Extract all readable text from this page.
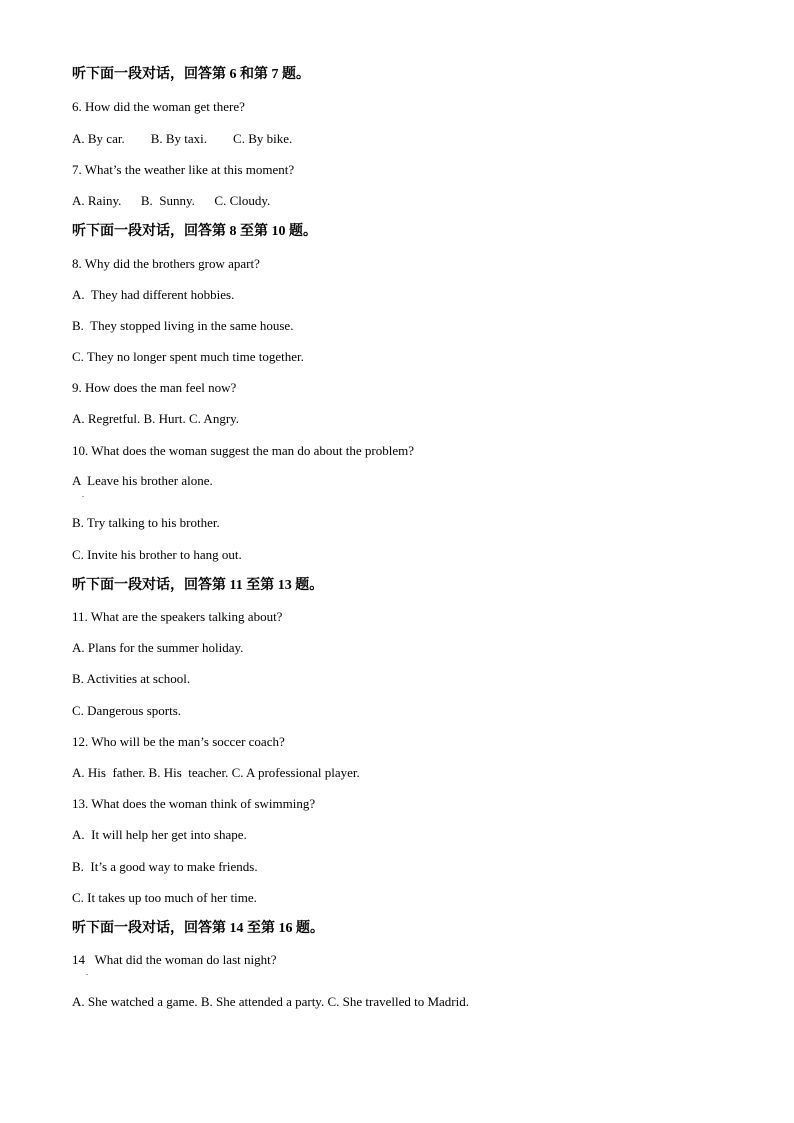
听下面一段对话，回答第 6 和第 7 题。
6. How did the woman get there?
A. By car.        B. By taxi.        C. By bike.
7. What’s the weather like at this moment?
A. Rainy.      B.  Sunny.      C. Cloudy.
听下面一段对话，回答第 8 至第 10 题。
8. Why did the brothers grow apart?
A.  They had different hobbies.
B.  They stopped living in the same house.
C. They no longer spent much time together.
9. How does the man feel now?
A. Regretful. B. Hurt. C. Angry.
10. What does the woman suggest the man do about the problem?
A  Leave his brother alone.
.
B. Try talking to his brother.
C. Invite his brother to hang out.
听下面一段对话，回答第 11 至第 13 题。
11. What are the speakers talking about?
A. Plans for the summer holiday.
B. Activities at school.
C. Dangerous sports.
12. Who will be the man’s soccer coach?
A. His  father. B. His  teacher. C. A professional player.
13. What does the woman think of swimming?
A.  It will help her get into shape.
B.  It’s a good way to make friends.
C. It takes up too much of her time.
听下面一段对话，回答第 14 至第 16 题。
14   What did the woman do last night?
.
A. She watched a game. B. She attended a party. C. She travelled to Madrid.
